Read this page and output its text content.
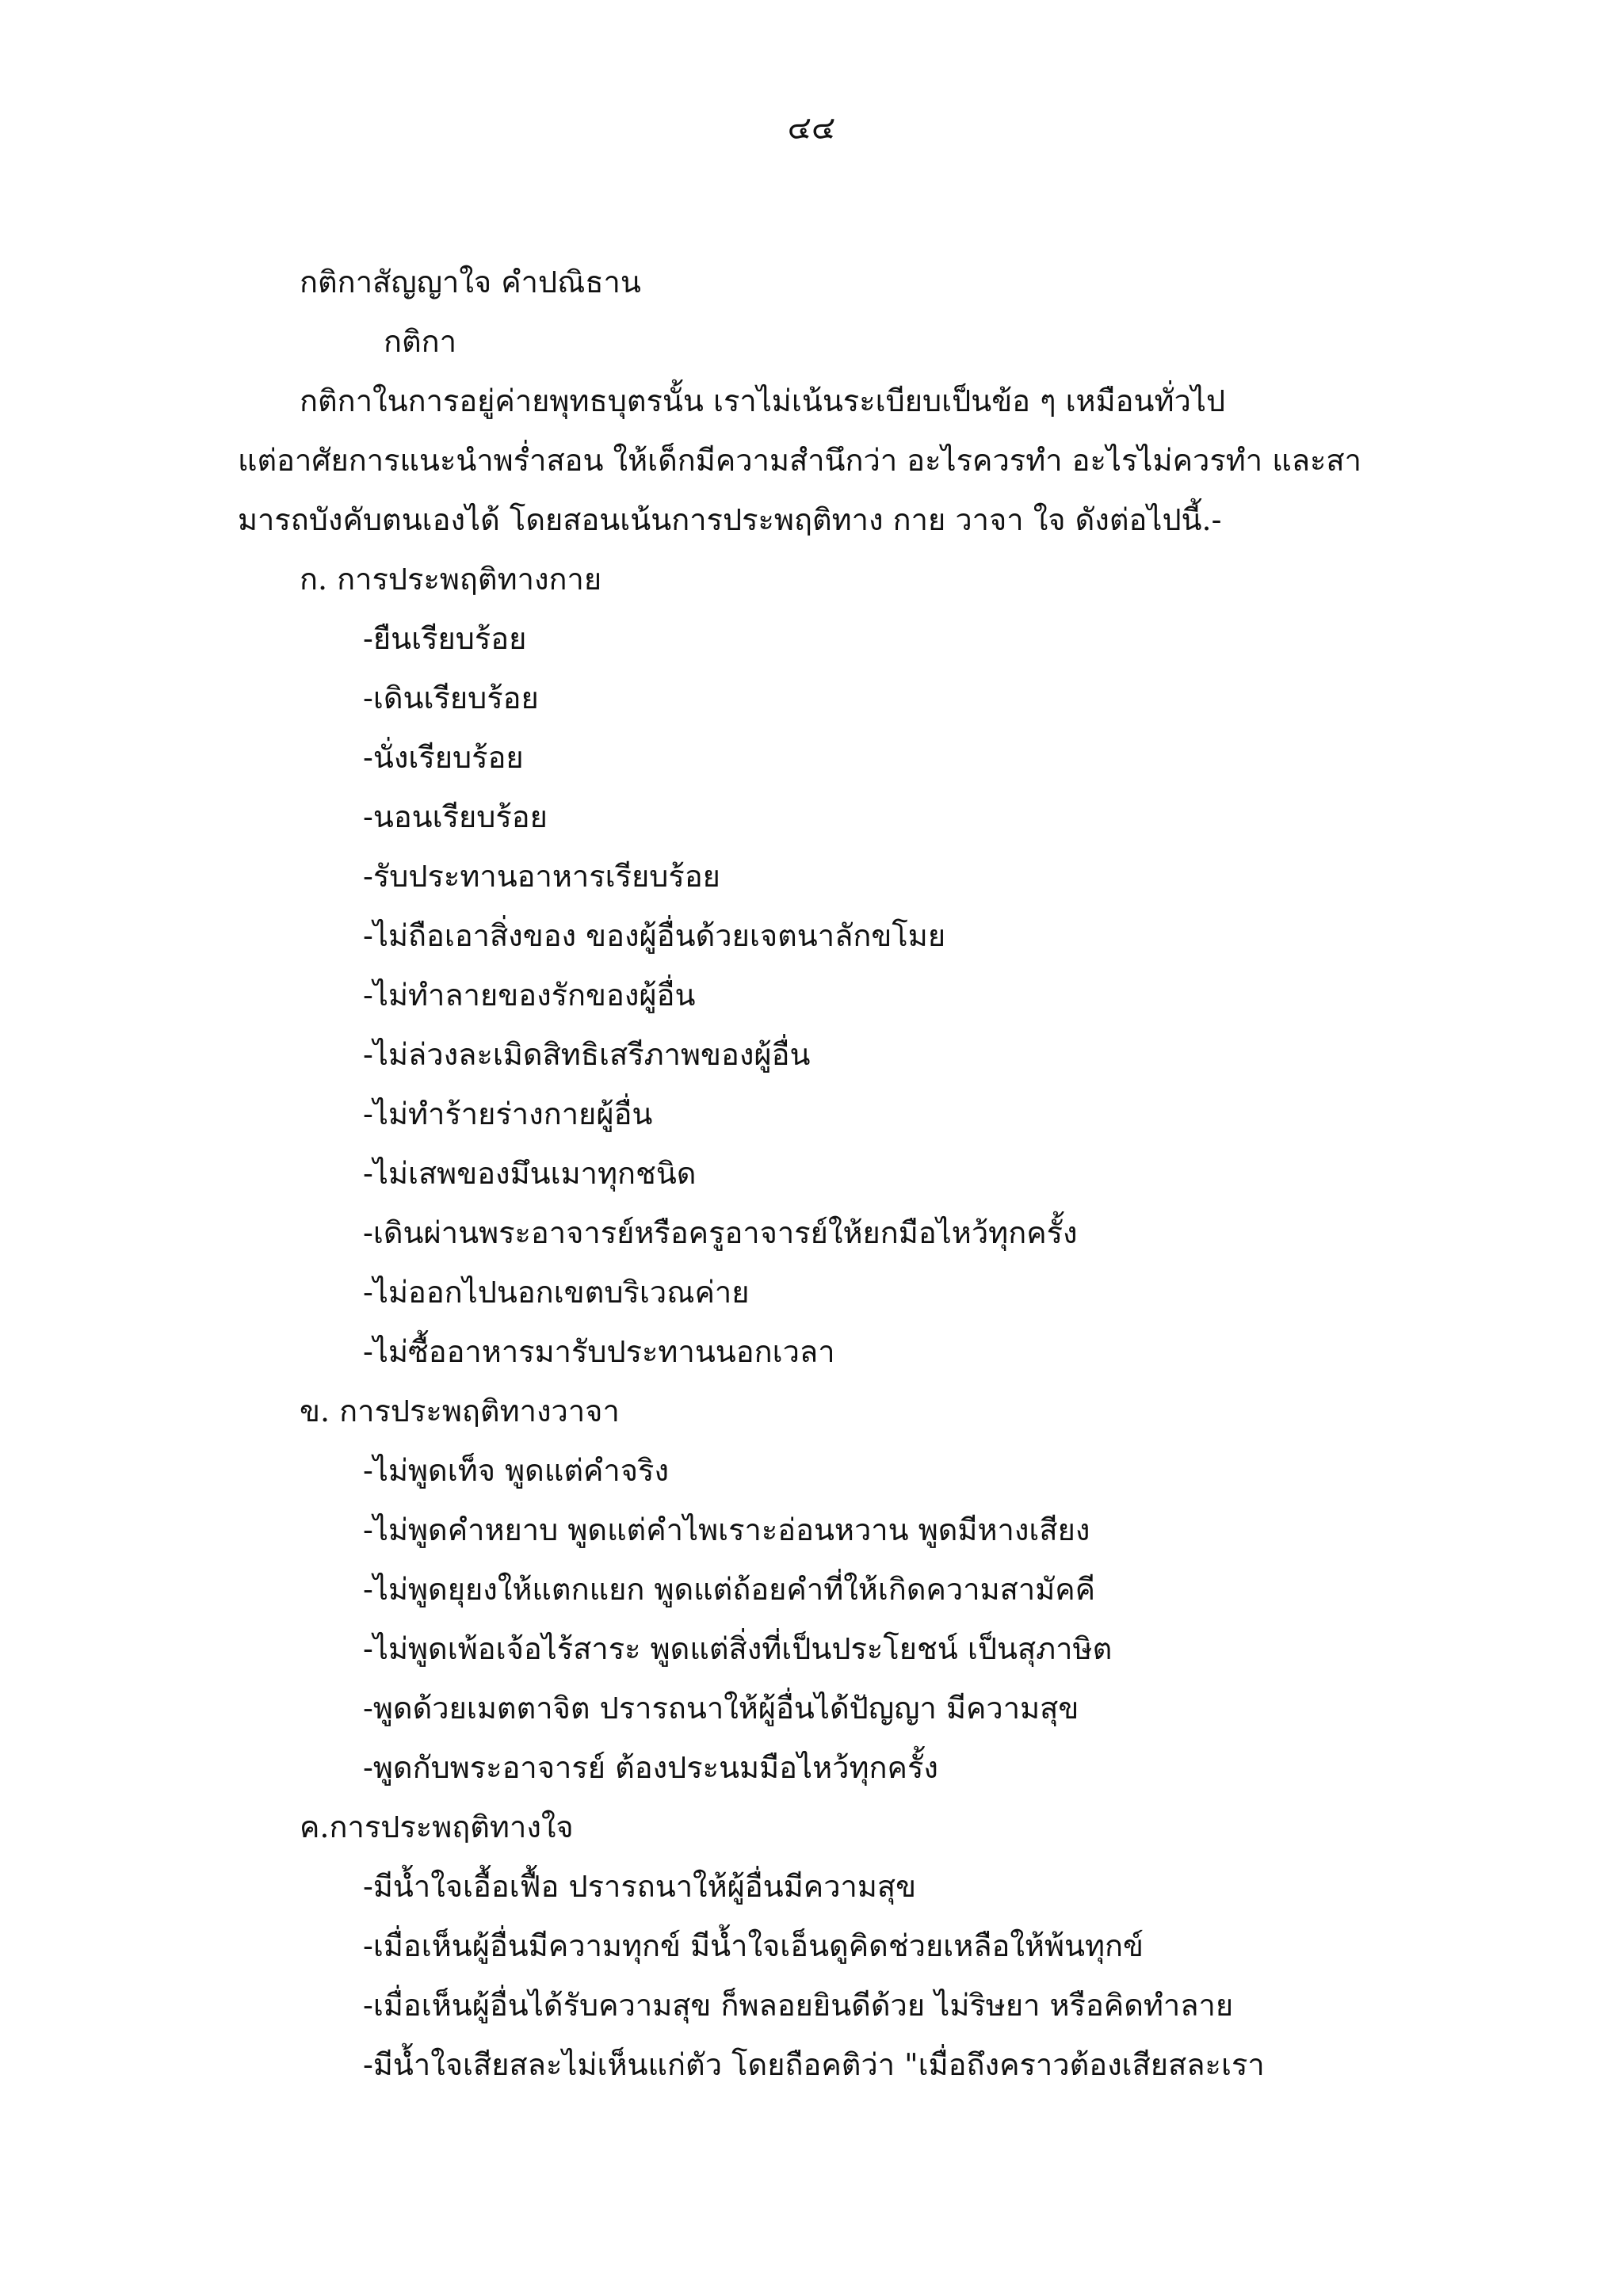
๔๔
กติกาสัญญาใจ คำปณิธาน
กติกา
กติกาในการอยู่ค่ายพุทธบุตรนั้น เราไม่เน้นระเบียบเป็นข้อ ๆ เหมือนทั่วไป
แต่อาศัยการแนะนำพร่ำสอน ให้เด็กมีความสำนึกว่า อะไรควรทำ อะไรไม่ควรทำ และสา
มารถบังคับตนเองได้ โดยสอนเน้นการประพฤติทาง กาย วาจา ใจ ดังต่อไปนี้.-
ก. การประพฤติทางกาย
-ยืนเรียบร้อย
-เดินเรียบร้อย
-นั่งเรียบร้อย
-นอนเรียบร้อย
-รับประทานอาหารเรียบร้อย
-ไม่ถือเอาสิ่งของ ของผู้อื่นด้วยเจตนาลักขโมย
-ไม่ทำลายของรักของผู้อื่น
-ไม่ล่วงละเมิดสิทธิเสรีภาพของผู้อื่น
-ไม่ทำร้ายร่างกายผู้อื่น
-ไม่เสพของมึนเมาทุกชนิด
-เดินผ่านพระอาจารย์หรือครูอาจารย์ให้ยกมือไหว้ทุกครั้ง
-ไม่ออกไปนอกเขตบริเวณค่าย
-ไม่ซื้ออาหารมารับประทานนอกเวลา
ข. การประพฤติทางวาจา
-ไม่พูดเท็จ พูดแต่คำจริง
-ไม่พูดคำหยาบ พูดแต่คำไพเราะอ่อนหวาน พูดมีหางเสียง
-ไม่พูดยุยงให้แตกแยก พูดแต่ถ้อยคำที่ให้เกิดความสามัคคี
-ไม่พูดเพ้อเจ้อไร้สาระ พูดแต่สิ่งที่เป็นประโยชน์ เป็นสุภาษิต
-พูดด้วยเมตตาจิต ปรารถนาให้ผู้อื่นได้ปัญญา มีความสุข
-พูดกับพระอาจารย์ ต้องประนมมือไหว้ทุกครั้ง
ค.การประพฤติทางใจ
-มีน้ำใจเอื้อเฟื้อ ปรารถนาให้ผู้อื่นมีความสุข
-เมื่อเห็นผู้อื่นมีความทุกข์ มีน้ำใจเอ็นดูคิดช่วยเหลือให้พ้นทุกข์
-เมื่อเห็นผู้อื่นได้รับความสุข ก็พลอยยินดีด้วย ไม่ริษยา หรือคิดทำลาย
-มีน้ำใจเสียสละไม่เห็นแก่ตัว โดยถือคติว่า "เมื่อถึงคราวต้องเสียสละเรา
